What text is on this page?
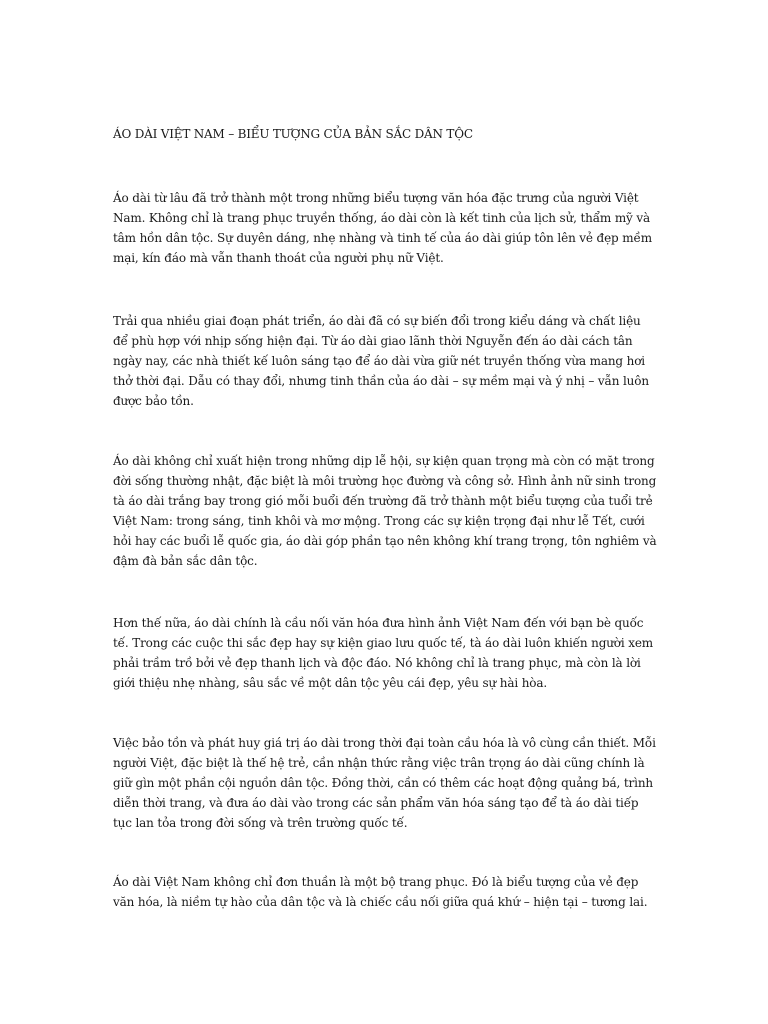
ÁO DÀI VIỆT NAM – BIỂU TƯỢNG CỦA BẢN SẮC DÂN TỘC

Áo dài từ lâu đã trở thành một trong những biểu tượng văn hóa đặc trưng của người Việt Nam. Không chỉ là trang phục truyền thống, áo dài còn là kết tinh của lịch sử, thẩm mỹ và tâm hồn dân tộc. Sự duyên dáng, nhẹ nhàng và tinh tế của áo dài giúp tôn lên vẻ đẹp mềm mại, kín đáo mà vẫn thanh thoát của người phụ nữ Việt.

Trải qua nhiều giai đoạn phát triển, áo dài đã có sự biến đổi trong kiểu dáng và chất liệu để phù hợp với nhịp sống hiện đại. Từ áo dài giao lãnh thời Nguyễn đến áo dài cách tân ngày nay, các nhà thiết kế luôn sáng tạo để áo dài vừa giữ nét truyền thống vừa mang hơi thở thời đại. Dẫu có thay đổi, nhưng tinh thần của áo dài – sự mềm mại và ý nhị – vẫn luôn được bảo tồn.

Áo dài không chỉ xuất hiện trong những dịp lễ hội, sự kiện quan trọng mà còn có mặt trong đời sống thường nhật, đặc biệt là môi trường học đường và công sở. Hình ảnh nữ sinh trong tà áo dài trắng bay trong gió mỗi buổi đến trường đã trở thành một biểu tượng của tuổi trẻ Việt Nam: trong sáng, tinh khôi và mơ mộng. Trong các sự kiện trọng đại như lễ Tết, cưới hỏi hay các buổi lễ quốc gia, áo dài góp phần tạo nên không khí trang trọng, tôn nghiêm và đậm đà bản sắc dân tộc.

Hơn thế nữa, áo dài chính là cầu nối văn hóa đưa hình ảnh Việt Nam đến với bạn bè quốc tế. Trong các cuộc thi sắc đẹp hay sự kiện giao lưu quốc tế, tà áo dài luôn khiến người xem phải trầm trồ bởi vẻ đẹp thanh lịch và độc đáo. Nó không chỉ là trang phục, mà còn là lời giới thiệu nhẹ nhàng, sâu sắc về một dân tộc yêu cái đẹp, yêu sự hài hòa.

Việc bảo tồn và phát huy giá trị áo dài trong thời đại toàn cầu hóa là vô cùng cần thiết. Mỗi người Việt, đặc biệt là thế hệ trẻ, cần nhận thức rằng việc trân trọng áo dài cũng chính là giữ gìn một phần cội nguồn dân tộc. Đồng thời, cần có thêm các hoạt động quảng bá, trình diễn thời trang, và đưa áo dài vào trong các sản phẩm văn hóa sáng tạo để tà áo dài tiếp tục lan tỏa trong đời sống và trên trường quốc tế.

Áo dài Việt Nam không chỉ đơn thuần là một bộ trang phục. Đó là biểu tượng của vẻ đẹp văn hóa, là niềm tự hào của dân tộc và là chiếc cầu nối giữa quá khứ – hiện tại – tương lai.
